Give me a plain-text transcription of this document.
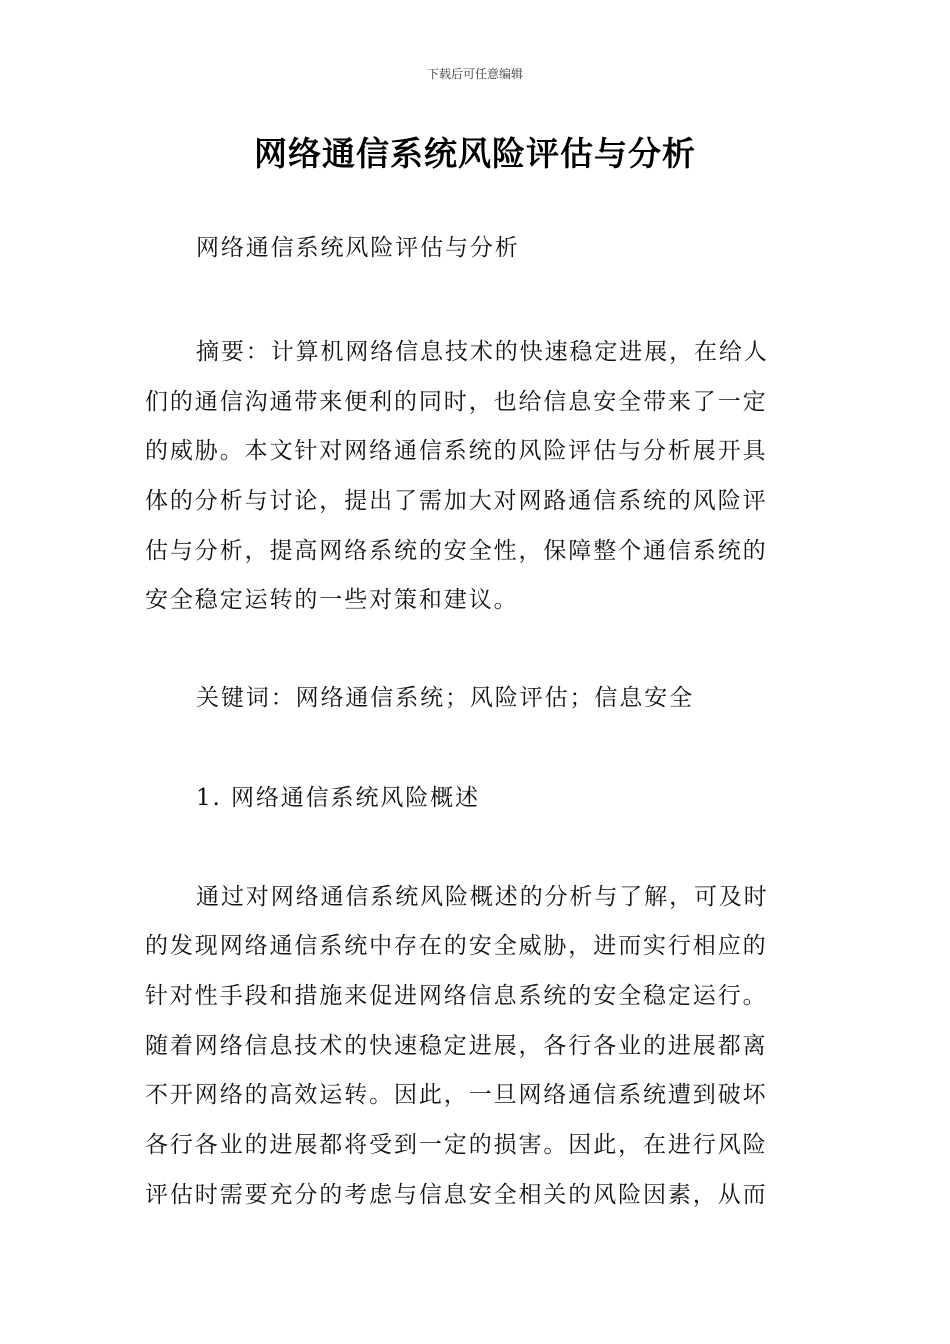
下载后可任意编辑
网络通信系统风险评估与分析
网络通信系统风险评估与分析
摘要：计算机网络信息技术的快速稳定进展，在给人
们的通信沟通带来便利的同时，也给信息安全带来了一定
的威胁。本文针对网络通信系统的风险评估与分析展开具
体的分析与讨论，提出了需加大对网路通信系统的风险评
估与分析，提高网络系统的安全性，保障整个通信系统的
安全稳定运转的一些对策和建议。
关键词：网络通信系统；风险评估；信息安全
1. 网络通信系统风险概述
通过对网络通信系统风险概述的分析与了解，可及时
的发现网络通信系统中存在的安全威胁，进而实行相应的
针对性手段和措施来促进网络信息系统的安全稳定运行。
随着网络信息技术的快速稳定进展，各行各业的进展都离
不开网络的高效运转。因此，一旦网络通信系统遭到破坏
各行各业的进展都将受到一定的损害。因此，在进行风险
评估时需要充分的考虑与信息安全相关的风险因素，从而
